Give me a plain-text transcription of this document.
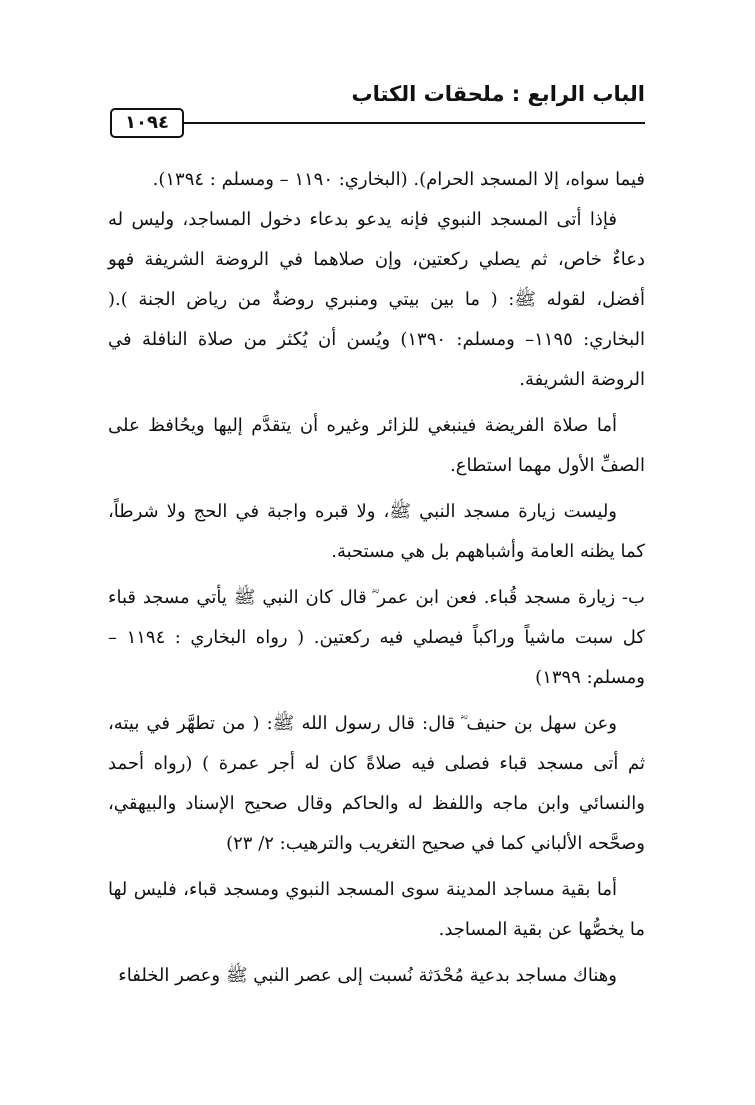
الباب الرابع : ملحقات الكتاب
١٠٩٤

فيما سواه، إلا المسجد الحرام). (البخاري: ١١٩٠ – ومسلم : ١٣٩٤).

فإذا أتى المسجد النبوي فإنه يدعو بدعاء دخول المساجد، وليس له دعاءٌ خاص، ثم يصلي ركعتين، وإن صلاهما في الروضة الشريفة فهو أفضل، لقوله ﷺ: ( ما بين بيتي ومنبري روضةٌ من رياض الجنة ).( البخاري: ١١٩٥– ومسلم: ١٣٩٠) ويُسن أن يُكثر من صلاة النافلة في الروضة الشريفة.

أما صلاة الفريضة فينبغي للزائر وغيره أن يتقدَّم إليها ويحُافظ على الصفِّ الأول مهما استطاع.

وليست زيارة مسجد النبي ﷺ، ولا قبره واجبة في الحج ولا شرطاً، كما يظنه العامة وأشباههم بل هي مستحبة.

ب- زيارة مسجد قُباء. فعن ابن عمر ؓ قال كان النبي ﷺ يأتي مسجد قباء كل سبت ماشياً وراكباً فيصلي فيه ركعتين. ( رواه البخاري : ١١٩٤ – ومسلم: ١٣٩٩)

وعن سهل بن حنيف ؓ قال: قال رسول الله ﷺ: ( من تطهَّر في بيته، ثم أتى مسجد قباء فصلى فيه صلاةً كان له أجر عمرة ) (رواه أحمد والنسائي وابن ماجه واللفظ له والحاكم وقال صحيح الإسناد والبيهقي، وصحَّحه الألباني كما في صحيح التغريب والترهيب: ٢/ ٢٣)

أما بقية مساجد المدينة سوى المسجد النبوي ومسجد قباء، فليس لها ما يخصُّها عن بقية المساجد.

وهناك مساجد بدعية مُحْدَثة نُسبت إلى عصر النبي ﷺ وعصر الخلفاء
